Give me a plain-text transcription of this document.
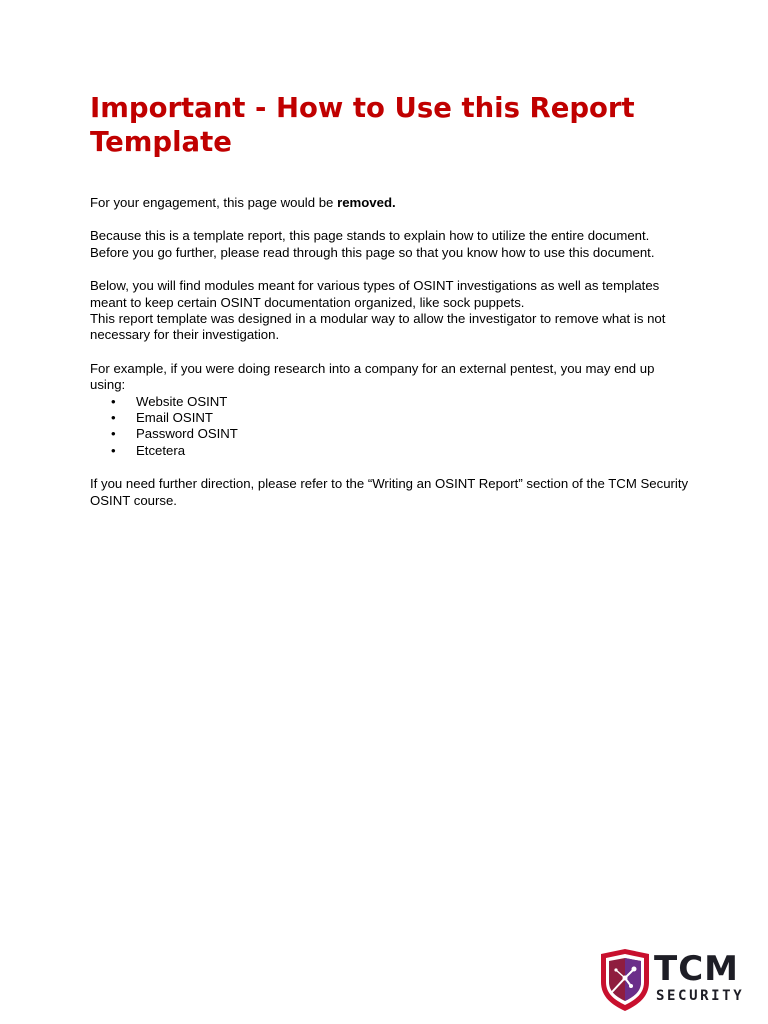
Important - How to Use this Report Template

For your engagement, this page would be removed.

Because this is a template report, this page stands to explain how to utilize the entire document. Before you go further, please read through this page so that you know how to use this document.

Below, you will find modules meant for various types of OSINT investigations as well as templates meant to keep certain OSINT documentation organized, like sock puppets.

This report template was designed in a modular way to allow the investigator to remove what is not necessary for their investigation.

For example, if you were doing research into a company for an external pentest, you may end up using:

• Website OSINT
• Email OSINT
• Password OSINT
• Etcetera

If you need further direction, please refer to the “Writing an OSINT Report” section of the TCM Security OSINT course.

TCM
SECURITY
